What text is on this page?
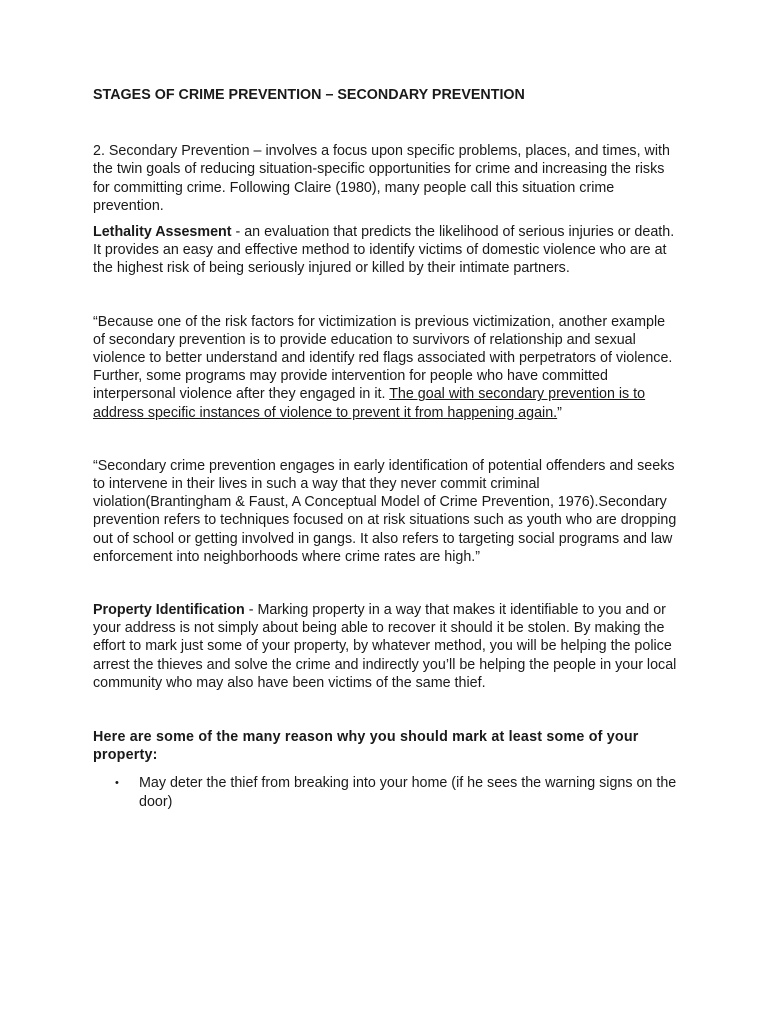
STAGES OF CRIME PREVENTION – SECONDARY PREVENTION

2. Secondary Prevention – involves a focus upon specific problems, places, and times, with the twin goals of reducing situation-specific opportunities for crime and increasing the risks for committing crime. Following Claire (1980), many people call this situation crime prevention.

Lethality Assesment - an evaluation that predicts the likelihood of serious injuries or death. It provides an easy and effective method to identify victims of domestic violence who are at the highest risk of being seriously injured or killed by their intimate partners.

“Because one of the risk factors for victimization is previous victimization, another example of secondary prevention is to provide education to survivors of relationship and sexual violence to better understand and identify red flags associated with perpetrators of violence. Further, some programs may provide intervention for people who have committed interpersonal violence after they engaged in it. The goal with secondary prevention is to address specific instances of violence to prevent it from happening again.”

“Secondary crime prevention engages in early identification of potential offenders and seeks to intervene in their lives in such a way that they never commit criminal violation(Brantingham & Faust, A Conceptual Model of Crime Prevention, 1976).Secondary prevention refers to techniques focused on at risk situations such as youth who are dropping out of school or getting involved in gangs. It also refers to targeting social programs and law enforcement into neighborhoods where crime rates are high.”

Property Identification - Marking property in a way that makes it identifiable to you and or your address is not simply about being able to recover it should it be stolen. By making the effort to mark just some of your property, by whatever method, you will be helping the police arrest the thieves and solve the crime and indirectly you’ll be helping the people in your local community who may also have been victims of the same thief.

Here are some of the many reason why you should mark at least some of your property:

• May deter the thief from breaking into your home (if he sees the warning signs on the door)
